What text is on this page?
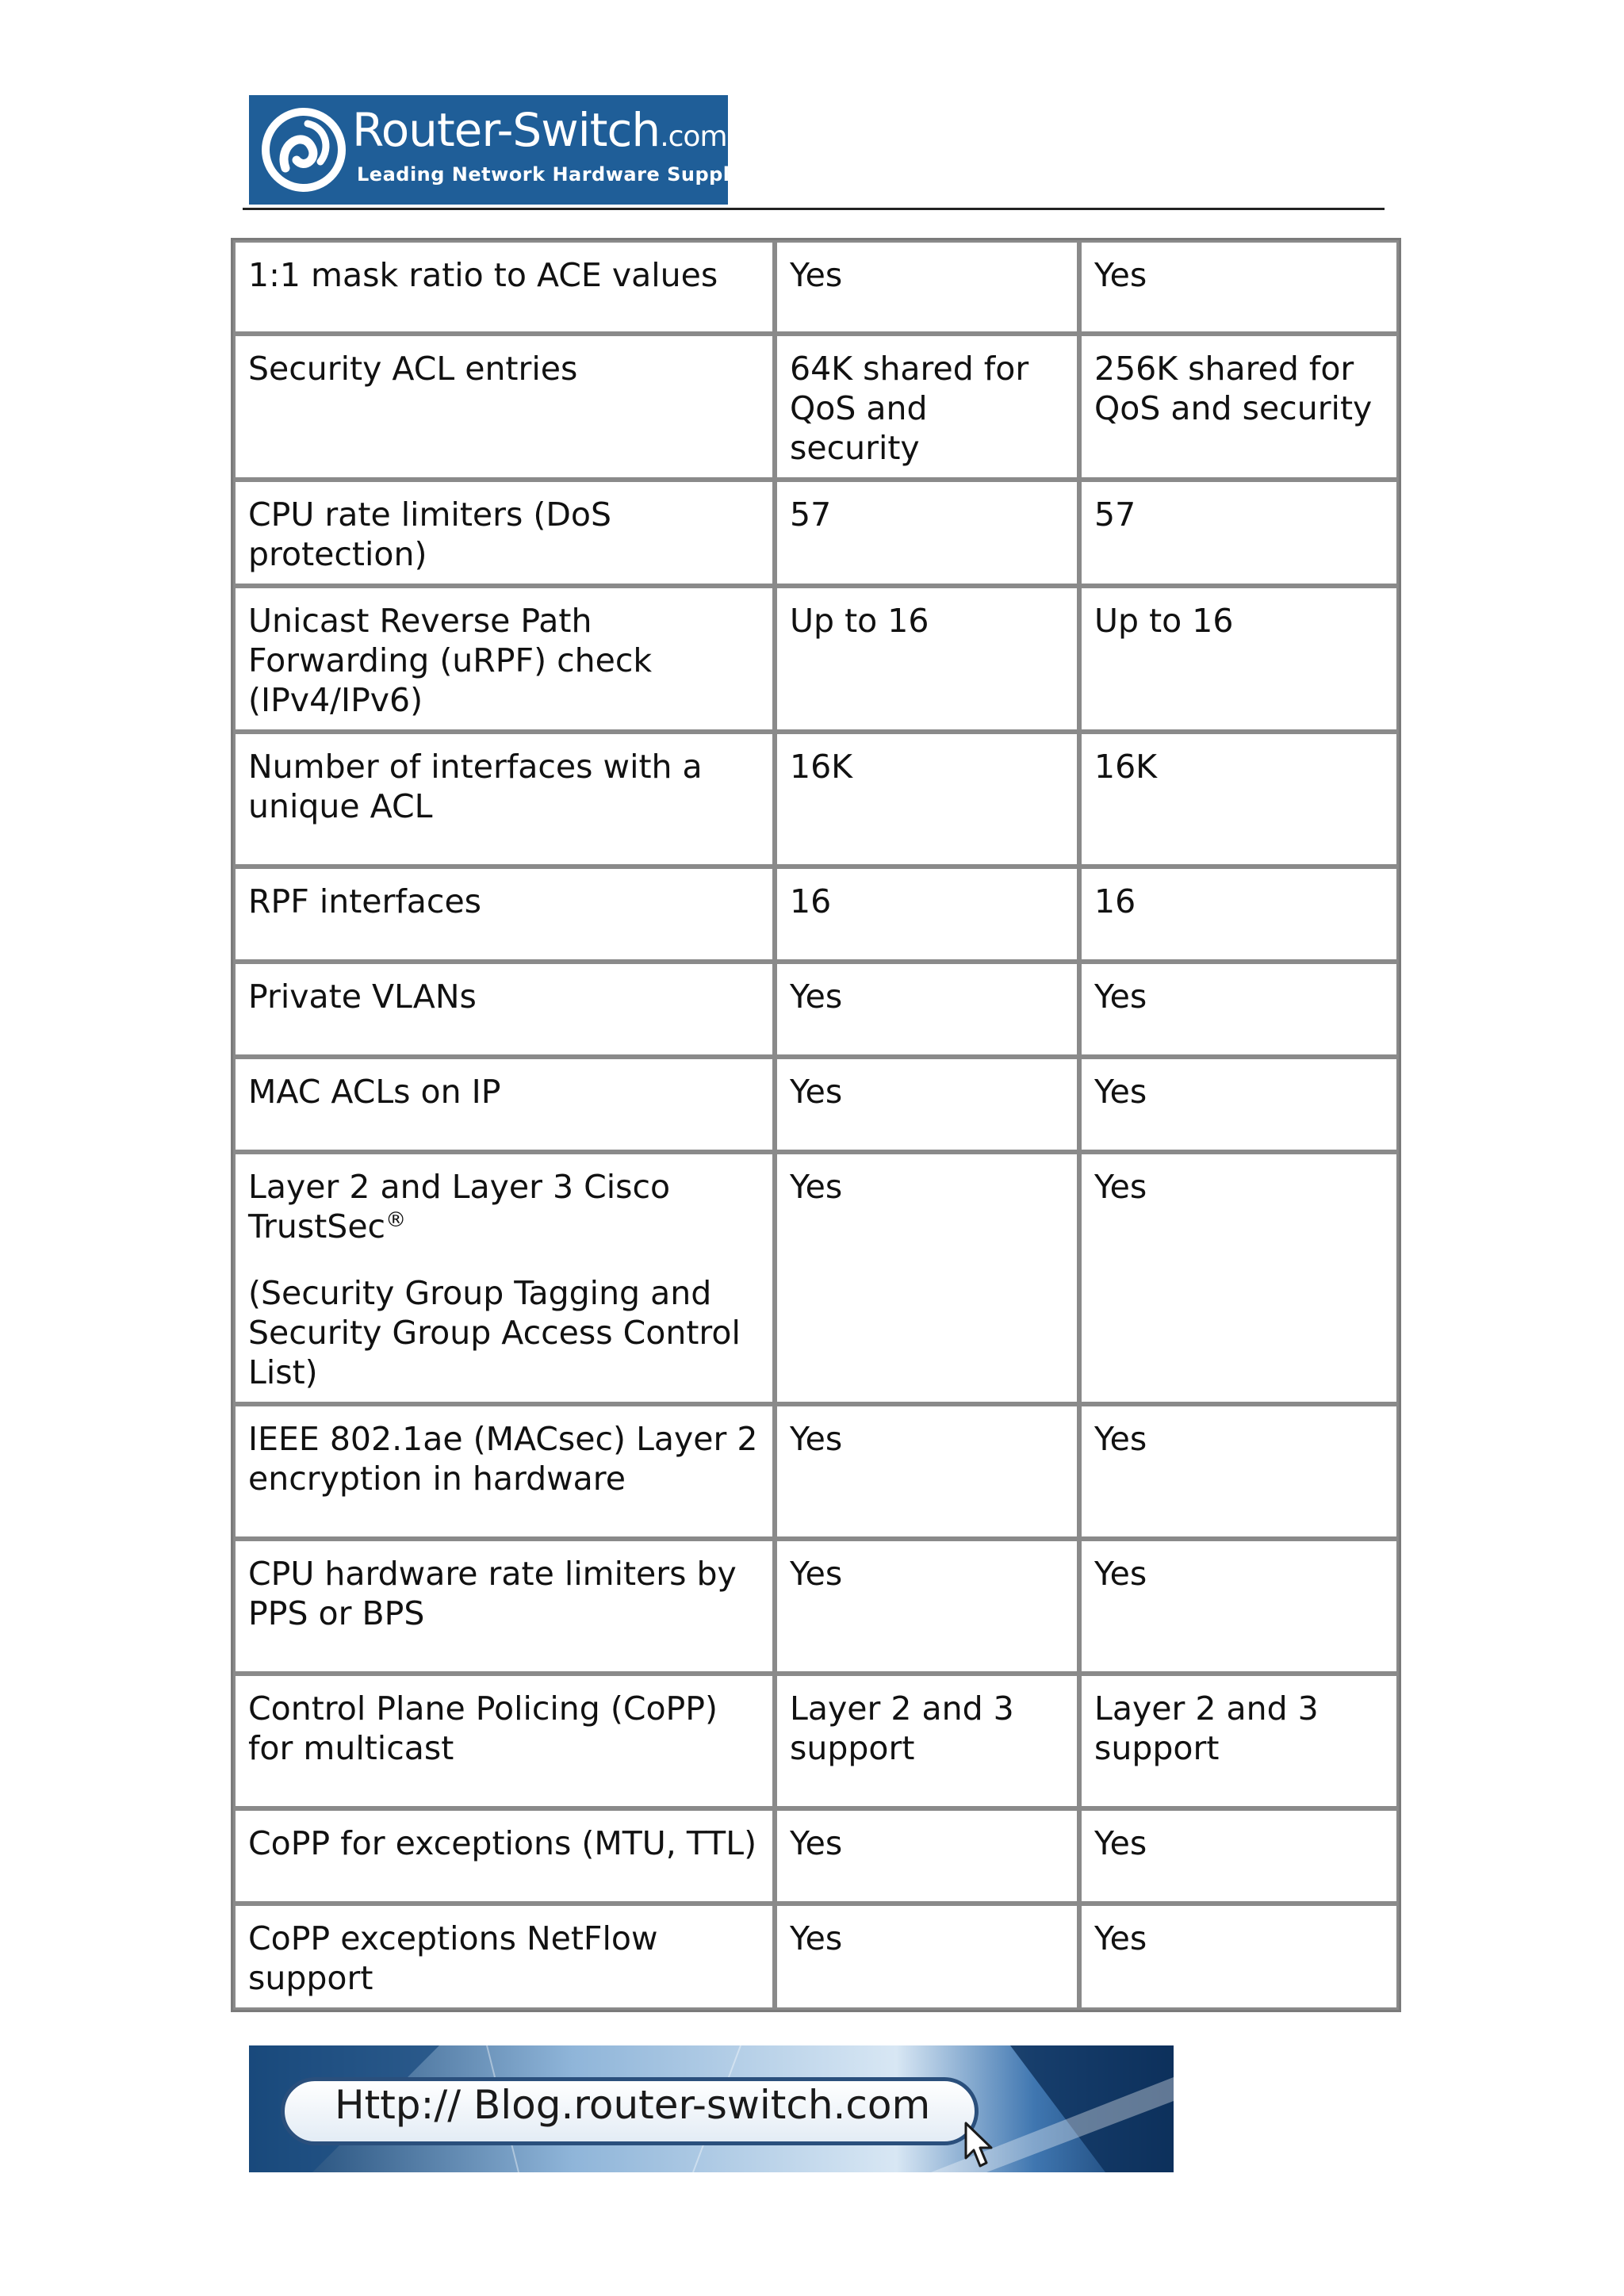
Router-Switch.com
Leading Network Hardware Supplier
1:1 mask ratio to ACE values	Yes	Yes
Security ACL entries	64K shared for QoS and security	256K shared for QoS and security
CPU rate limiters (DoS protection)	57	57
Unicast Reverse Path Forwarding (uRPF) check (IPv4/IPv6)	Up to 16	Up to 16
Number of interfaces with a unique ACL	16K	16K
RPF interfaces	16	16
Private VLANs	Yes	Yes
MAC ACLs on IP	Yes	Yes

Layer 2 and Layer 3 Cisco TrustSec®

(Security Group Tagging and Security Group Access Control List)	Yes	Yes
IEEE 802.1ae (MACsec) Layer 2 encryption in hardware	Yes	Yes
CPU hardware rate limiters by PPS or BPS	Yes	Yes
Control Plane Policing (CoPP) for multicast	Layer 2 and 3 support	Layer 2 and 3 support
CoPP for exceptions (MTU, TTL)	Yes	Yes
CoPP exceptions NetFlow support	Yes	Yes
Http:// Blog.router-switch.com
